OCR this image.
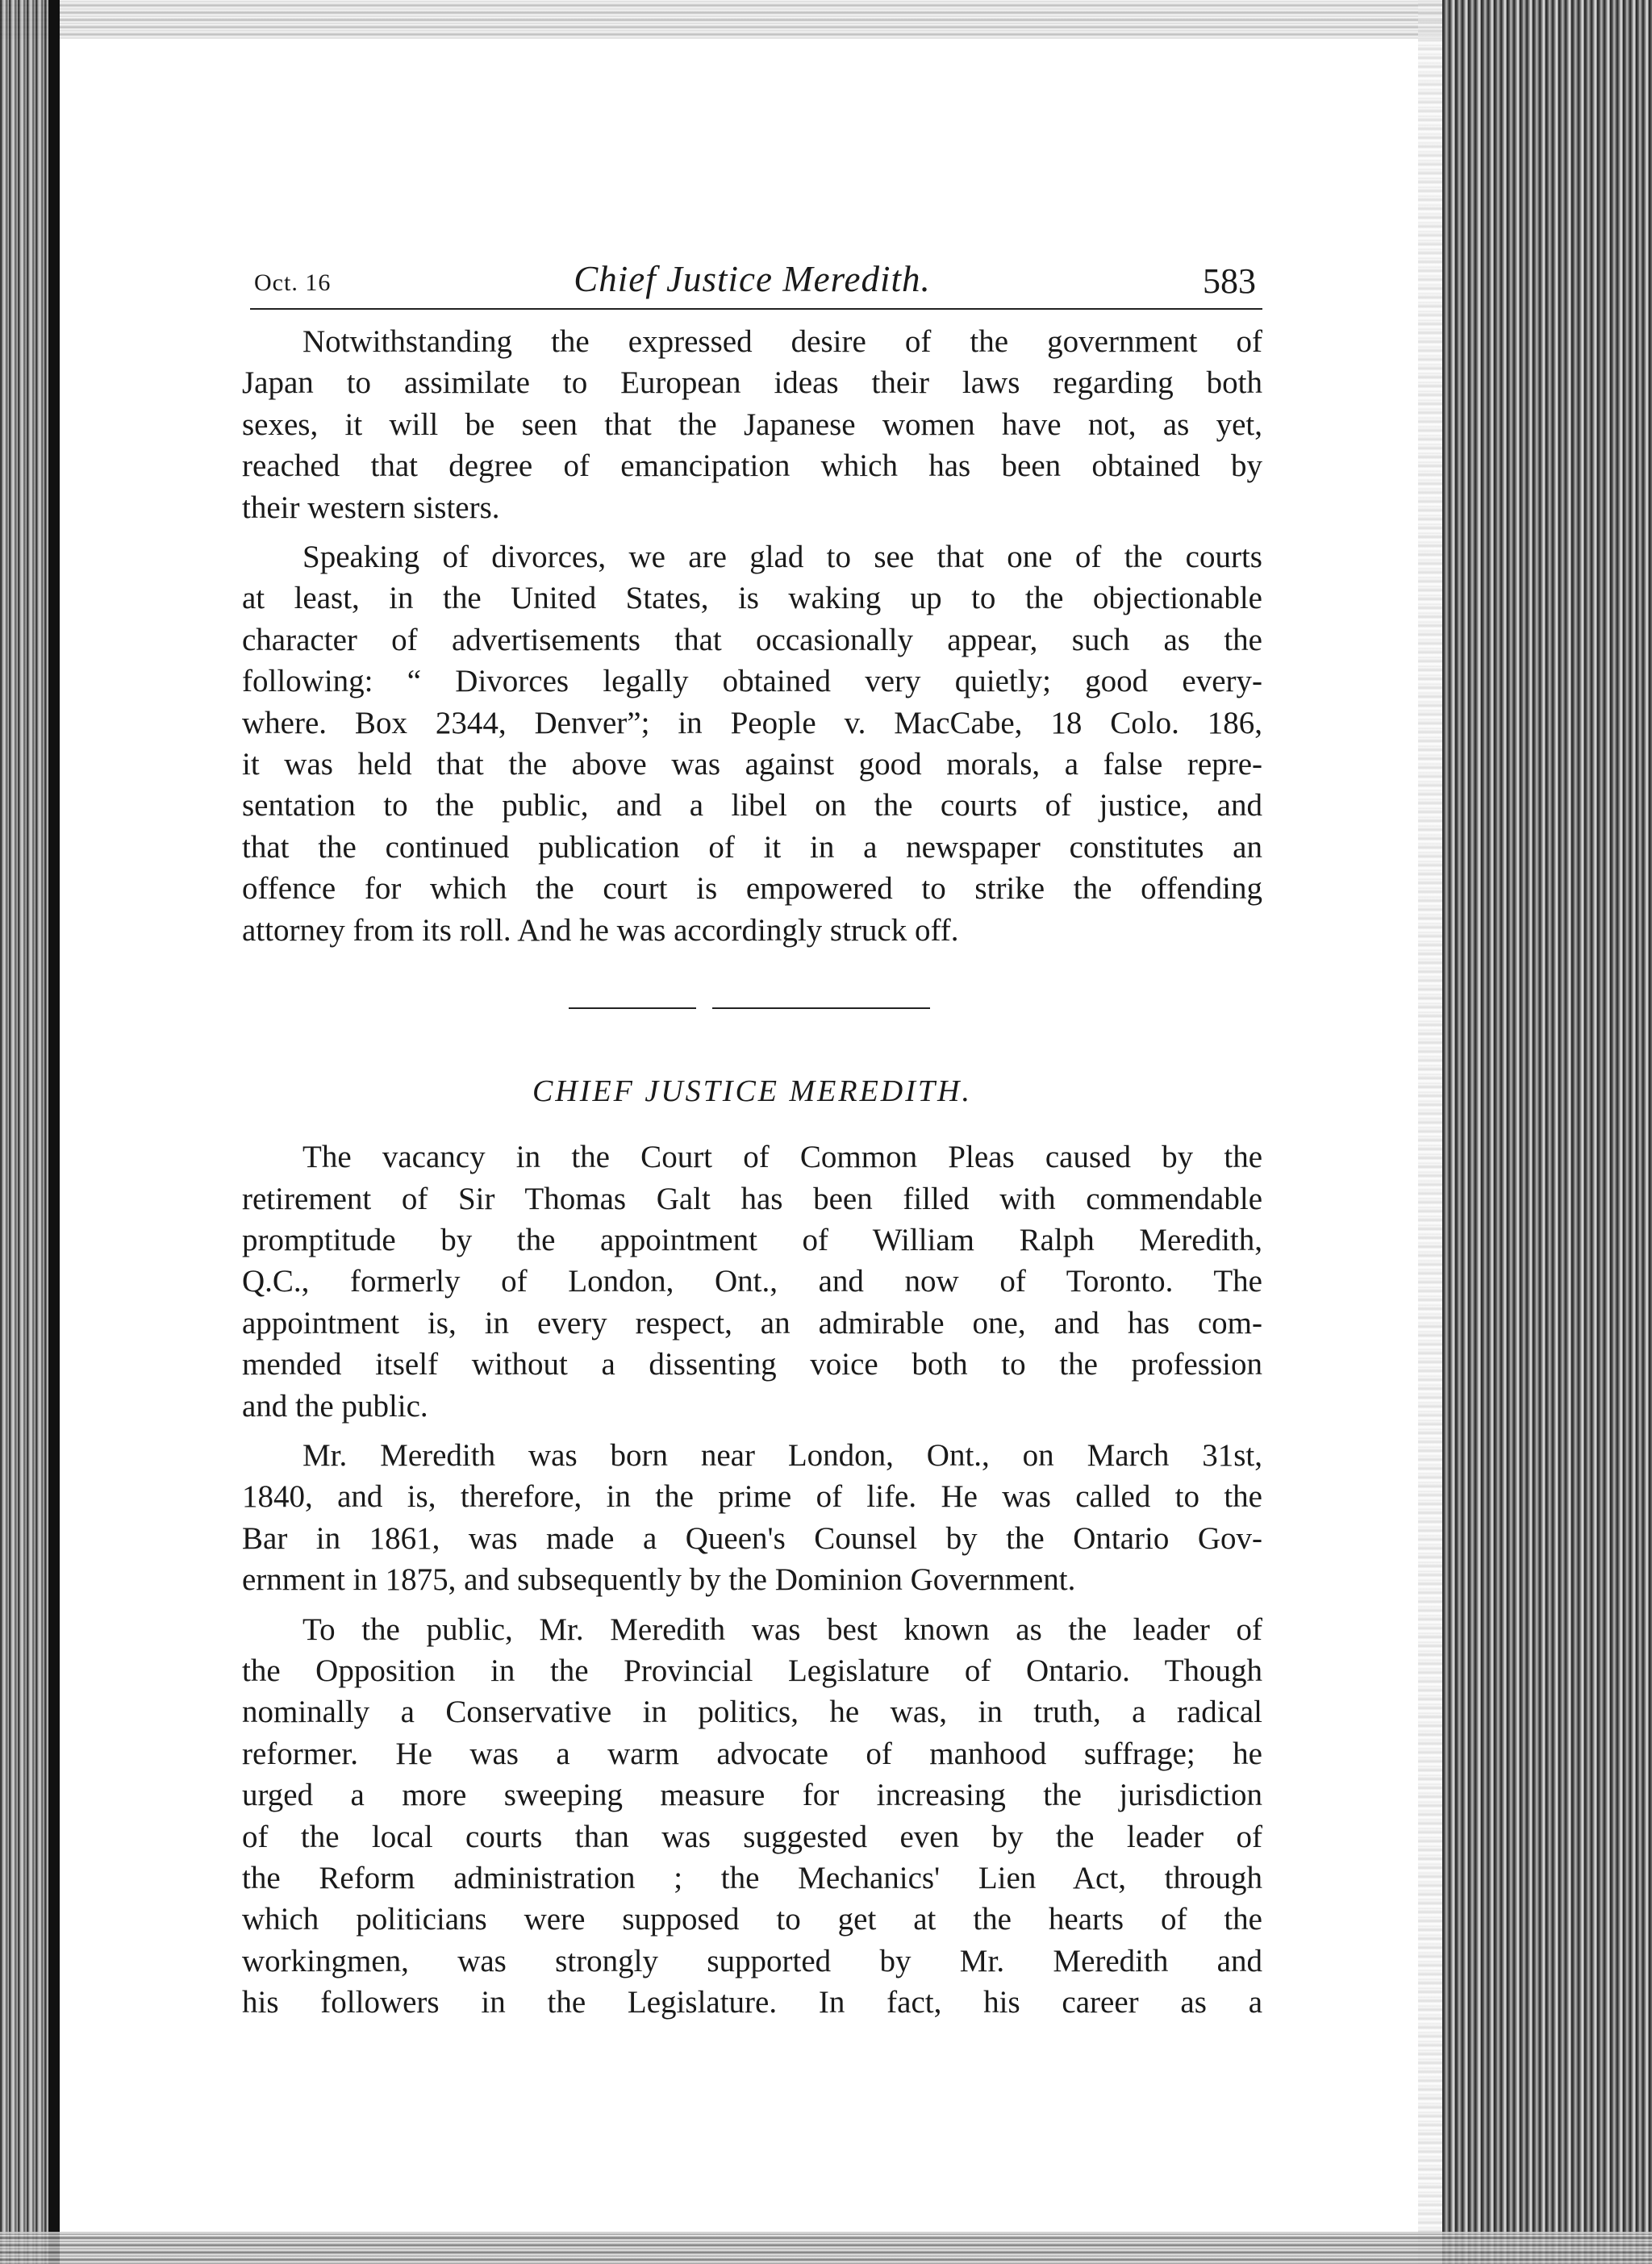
Oct. 16	Chief Justice Meredith.	583
Notwithstanding the expressed desire of the government of
Japan to assimilate to European ideas their laws regarding both
sexes, it will be seen that the Japanese women have not, as yet,
reached that degree of emancipation which has been obtained by
their western sisters.
Speaking of divorces, we are glad to see that one of the courts
at least, in the United States, is waking up to the objectionable
character of advertisements that occasionally appear, such as the
following: “ Divorces legally obtained very quietly; good every-
where. Box 2344, Denver”; in People v. MacCabe, 18 Colo. 186,
it was held that the above was against good morals, a false repre-
sentation to the public, and a libel on the courts of justice, and
that the continued publication of it in a newspaper constitutes an
offence for which the court is empowered to strike the offending
attorney from its roll. And he was accordingly struck off.
CHIEF JUSTICE MEREDITH.
The vacancy in the Court of Common Pleas caused by the
retirement of Sir Thomas Galt has been filled with commendable
promptitude by the appointment of William Ralph Meredith,
Q.C., formerly of London, Ont., and now of Toronto. The
appointment is, in every respect, an admirable one, and has com-
mended itself without a dissenting voice both to the profession
and the public.
Mr. Meredith was born near London, Ont., on March 31st,
1840, and is, therefore, in the prime of life. He was called to the
Bar in 1861, was made a Queen's Counsel by the Ontario Gov-
ernment in 1875, and subsequently by the Dominion Government.
To the public, Mr. Meredith was best known as the leader of
the Opposition in the Provincial Legislature of Ontario. Though
nominally a Conservative in politics, he was, in truth, a radical
reformer. He was a warm advocate of manhood suffrage; he
urged a more sweeping measure for increasing the jurisdiction
of the local courts than was suggested even by the leader of
the Reform administration ; the Mechanics' Lien Act, through
which politicians were supposed to get at the hearts of the
workingmen, was strongly supported by Mr. Meredith and
his followers in the Legislature. In fact, his career as a
